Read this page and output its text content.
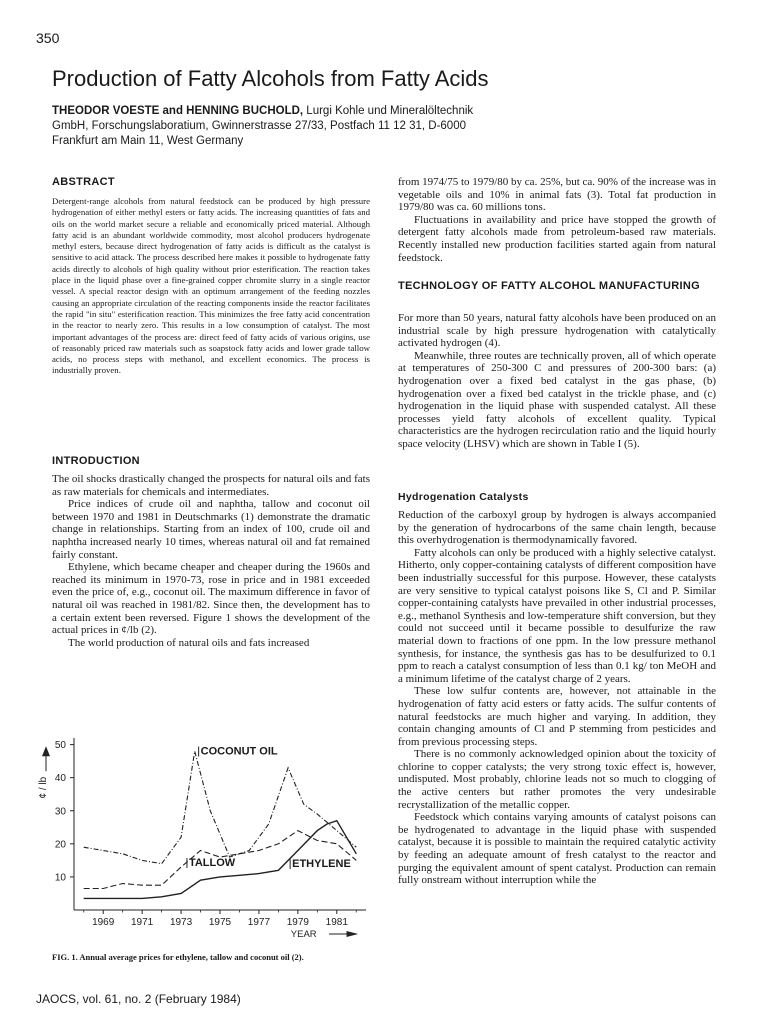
350
Production of Fatty Alcohols from Fatty Acids
THEODOR VOESTE and HENNING BUCHOLD, Lurgi Kohle und Mineralöltechnik
GmbH, Forschungslaboratium, Gwinnerstrasse 27/33, Postfach 11 12 31, D-6000
Frankfurt am Main 11, West Germany
ABSTRACT
Detergent-range alcohols from natural feedstock can be produced by high pressure hydrogenation of either methyl esters or fatty acids. The increasing quantities of fats and oils on the world market secure a reliable and economically priced material. Although fatty acid is an abundant worldwide commodity, most alcohol producers hydrogenate methyl esters, because direct hydrogenation of fatty acids is difficult as the catalyst is sensitive to acid attack. The process described here makes it possible to hydrogenate fatty acids directly to alcohols of high quality without prior esterification. The reaction takes place in the liquid phase over a fine-grained copper chromite slurry in a single reactor vessel. A special reactor design with an optimum arrangement of the feeding nozzles causing an appropriate circulation of the reacting components inside the reactor facilitates the rapid "in situ" esterification reaction. This minimizes the free fatty acid concentration in the reactor to nearly zero. This results in a low consumption of catalyst. The most important advantages of the process are: direct feed of fatty acids of various origins, use of reasonably priced raw materials such as soapstock fatty acids and lower grade tallow acids, no process steps with methanol, and excellent economics. The process is industrially proven.
INTRODUCTION

The oil shocks drastically changed the prospects for natural oils and fats as raw materials for chemicals and intermediates.

Price indices of crude oil and naphtha, tallow and coconut oil between 1970 and 1981 in Deutschmarks (1) demonstrate the dramatic change in relationships. Starting from an index of 100, crude oil and naphtha increased nearly 10 times, whereas natural oil and fat remained fairly constant.

Ethylene, which became cheaper and cheaper during the 1960s and reached its minimum in 1970-73, rose in price and in 1981 exceeded even the price of, e.g., coconut oil. The maximum difference in favor of natural oil was reached in 1981/82. Since then, the development has to a certain extent been reversed. Figure 1 shows the development of the actual prices in ¢/lb (2).

The world production of natural oils and fats increased

10
20
30
40
50
1969 1971 1973 1975 1977 1979 1981
¢ / lb
YEAR
COCONUT OIL
TALLOW	ETHYLENE
FIG. 1. Annual average prices for ethylene, tallow and coconut oil (2).
JAOCS, vol. 61, no. 2 (February 1984)

from 1974/75 to 1979/80 by ca. 25%, but ca. 90% of the increase was in vegetable oils and 10% in animal fats (3). Total fat production in 1979/80 was ca. 60 millions tons.

Fluctuations in availability and price have stopped the growth of detergent fatty alcohols made from petroleum-based raw materials. Recently installed new production facilities started again from natural feedstock.

TECHNOLOGY OF FATTY ALCOHOL MANUFACTURING

For more than 50 years, natural fatty alcohols have been produced on an industrial scale by high pressure hydrogenation with catalytically activated hydrogen (4).

Meanwhile, three routes are technically proven, all of which operate at temperatures of 250-300 C and pressures of 200-300 bars: (a) hydrogenation over a fixed bed catalyst in the gas phase, (b) hydrogenation over a fixed bed catalyst in the trickle phase, and (c) hydrogenation in the liquid phase with suspended catalyst. All these processes yield fatty alcohols of excellent quality. Typical characteristics are the hydrogen recirculation ratio and the liquid hourly space velocity (LHSV) which are shown in Table I (5).

Hydrogenation Catalysts

Reduction of the carboxyl group by hydrogen is always accompanied by the generation of hydrocarbons of the same chain length, because this overhydrogenation is thermodynamically favored.

Fatty alcohols can only be produced with a highly selective catalyst. Hitherto, only copper-containing catalysts of different composition have been industrially successful for this purpose. However, these catalysts are very sensitive to typical catalyst poisons like S, Cl and P. Similar copper-containing catalysts have prevailed in other industrial processes, e.g., methanol Synthesis and low-temperature shift conversion, but they could not succeed until it became possible to desulfurize the raw material down to fractions of one ppm. In the low pressure methanol synthesis, for instance, the synthesis gas has to be desulfurized to 0.1 ppm to reach a catalyst consumption of less than 0.1 kg/ ton MeOH and a minimum lifetime of the catalyst charge of 2 years.

These low sulfur contents are, however, not attainable in the hydrogenation of fatty acid esters or fatty acids. The sulfur contents of natural feedstocks are much higher and varying. In addition, they contain changing amounts of Cl and P stemming from pesticides and from previous processing steps.

There is no commonly acknowledged opinion about the toxicity of chlorine to copper catalysts; the very strong toxic effect is, however, undisputed. Most probably, chlorine leads not so much to clogging of the active centers but rather promotes the very undesirable recrystallization of the metallic copper.

Feedstock which contains varying amounts of catalyst poisons can be hydrogenated to advantage in the liquid phase with suspended catalyst, because it is possible to maintain the required catalytic activity by feeding an adequate amount of fresh catalyst to the reactor and purging the equivalent amount of spent catalyst. Production can remain fully onstream without interruption while the
